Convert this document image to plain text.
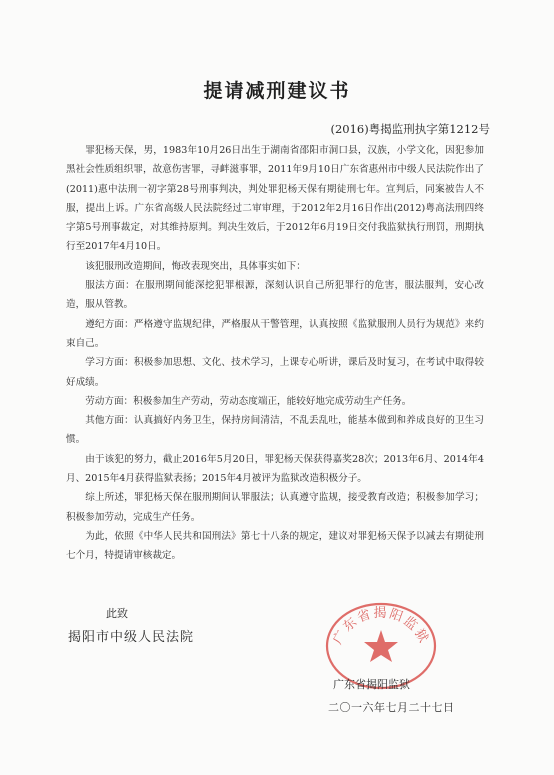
提请减刑建议书
(2016)粤揭监刑执字第1212号

罪犯杨天保，男，1983年10月26日出生于湖南省邵阳市洞口县，汉族，小学文化，因犯参加黑社会性质组织罪，故意伤害罪，寻衅滋事罪，2011年9月10日广东省惠州市中级人民法院作出了(2011)惠中法刑一初字第28号刑事判决，判处罪犯杨天保有期徒刑七年。宣判后，同案被告人不服，提出上诉。广东省高级人民法院经过二审审理，于2012年2月16日作出(2012)粤高法刑四终字第5号刑事裁定，对其维持原判。判决生效后，于2012年6月19日交付我监狱执行刑罚，刑期执行至2017年4月10日。

该犯服刑改造期间，悔改表现突出，具体事实如下：

服法方面：在服刑期间能深挖犯罪根源，深刻认识自己所犯罪行的危害，服法服判，安心改造，服从管教。

遵纪方面：严格遵守监规纪律，严格服从干警管理，认真按照《监狱服刑人员行为规范》来约束自己。

学习方面：积极参加思想、文化、技术学习，上课专心听讲，课后及时复习，在考试中取得较好成绩。

劳动方面：积极参加生产劳动，劳动态度端正，能较好地完成劳动生产任务。

其他方面：认真搞好内务卫生，保持房间清洁，不乱丢乱吐，能基本做到和养成良好的卫生习惯。

由于该犯的努力，截止2016年5月20日，罪犯杨天保获得嘉奖28次；2013年6月、2014年4月、2015年4月获得监狱表扬；2015年4月被评为监狱改造积极分子。

综上所述，罪犯杨天保在服刑期间认罪服法；认真遵守监规，接受教育改造；积极参加学习；积极参加劳动，完成生产任务。

为此，依照《中华人民共和国刑法》第七十八条的规定，建议对罪犯杨天保予以减去有期徒刑七个月，特提请审核裁定。

此致
揭阳市中级人民法院	广东省揭阳监狱
广东省揭阳监狱
二〇一六年七月二十七日
